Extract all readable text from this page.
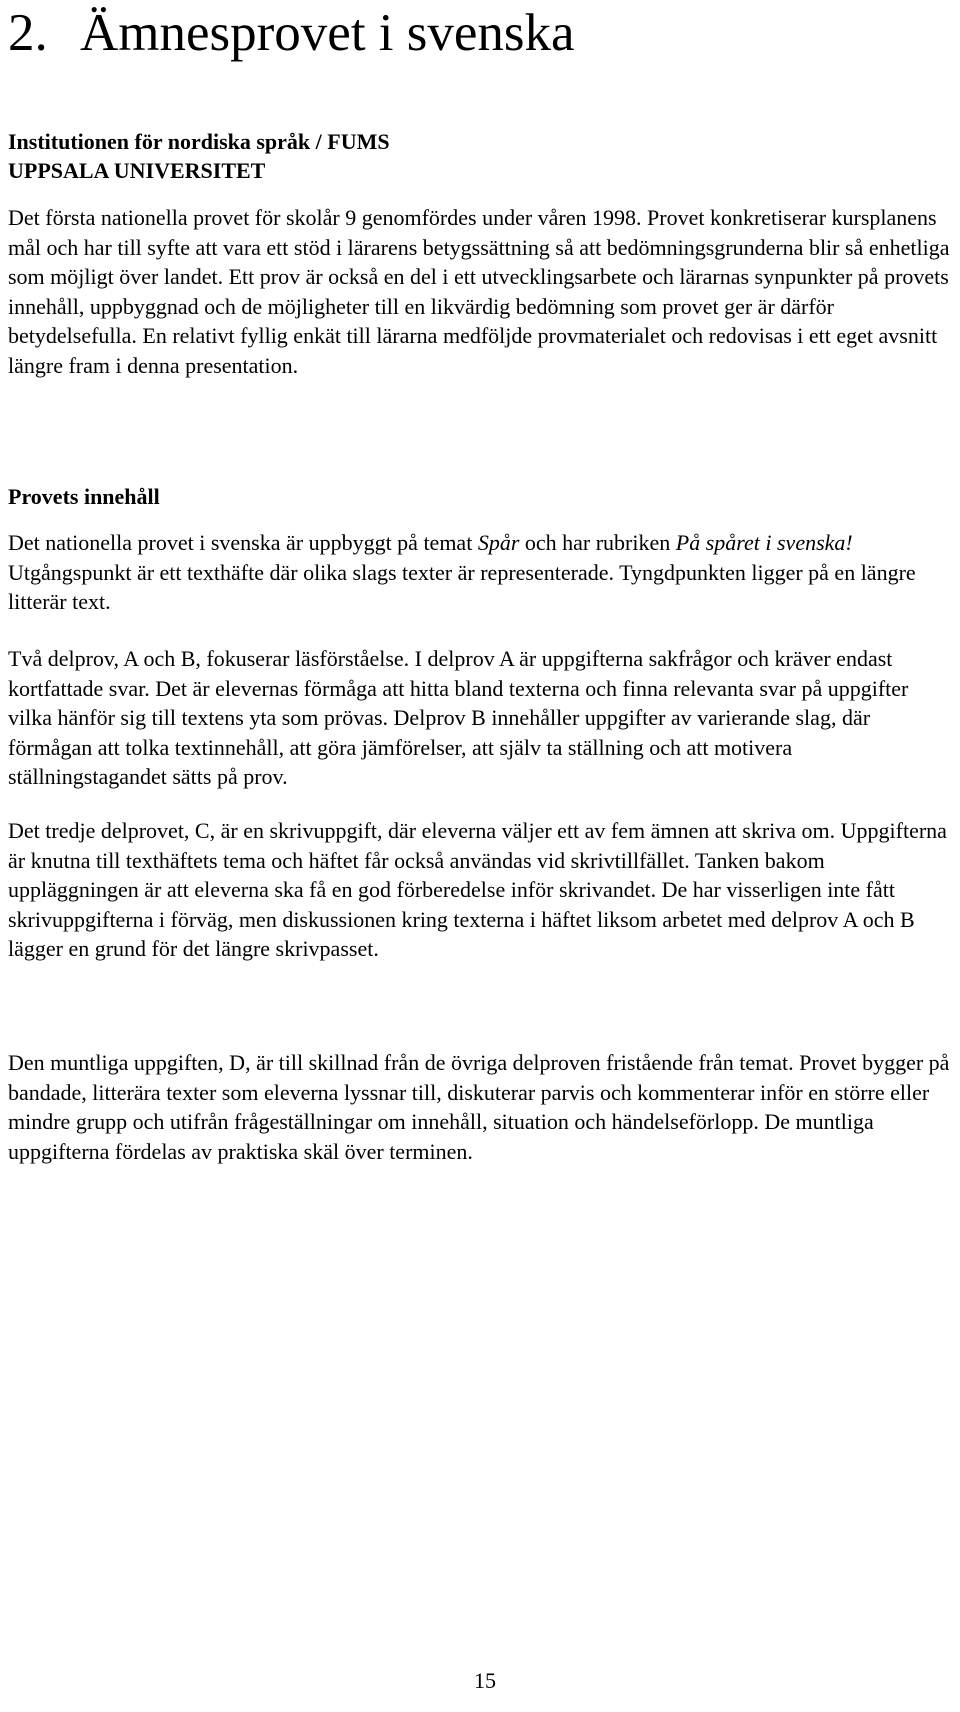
2. Ämnesprovet i svenska
Institutionen för nordiska språk / FUMS
UPPSALA UNIVERSITET

Det första nationella provet för skolår 9 genomfördes under våren 1998. Provet konkretiserar kursplanens mål och har till syfte att vara ett stöd i lärarens betygssättning så att bedömningsgrunderna blir så enhetliga som möjligt över landet. Ett prov är också en del i ett utvecklingsarbete och lärarnas synpunkter på provets innehåll, uppbyggnad och de möjligheter till en likvärdig bedömning som provet ger är därför betydelsefulla. En relativt fyllig enkät till lärarna medföljde provmaterialet och redovisas i ett eget avsnitt längre fram i denna presentation.

Provets innehåll

Det nationella provet i svenska är uppbyggt på temat Spår och har rubriken På spåret i svenska! Utgångspunkt är ett texthäfte där olika slags texter är representerade. Tyngdpunkten ligger på en längre litterär text.

Två delprov, A och B, fokuserar läsförståelse. I delprov A är uppgifterna sakfrågor och kräver endast kortfattade svar. Det är elevernas förmåga att hitta bland texterna och finna relevanta svar på uppgifter vilka hänför sig till textens yta som prövas. Delprov B innehåller uppgifter av varierande slag, där förmågan att tolka textinnehåll, att göra jämförelser, att själv ta ställning och att motivera ställningstagandet sätts på prov.

Det tredje delprovet, C, är en skrivuppgift, där eleverna väljer ett av fem ämnen att skriva om. Uppgifterna är knutna till texthäftets tema och häftet får också användas vid skrivtillfället. Tanken bakom uppläggningen är att eleverna ska få en god förberedelse inför skrivandet. De har visserligen inte fått skrivuppgifterna i förväg, men diskussionen kring texterna i häftet liksom arbetet med delprov A och B lägger en grund för det längre skrivpasset.

Den muntliga uppgiften, D, är till skillnad från de övriga delproven fristående från temat. Provet bygger på bandade, litterära texter som eleverna lyssnar till, diskuterar parvis och kommenterar inför en större eller mindre grupp och utifrån frågeställningar om innehåll, situation och händelseförlopp. De muntliga uppgifterna fördelas av praktiska skäl över terminen.

15
